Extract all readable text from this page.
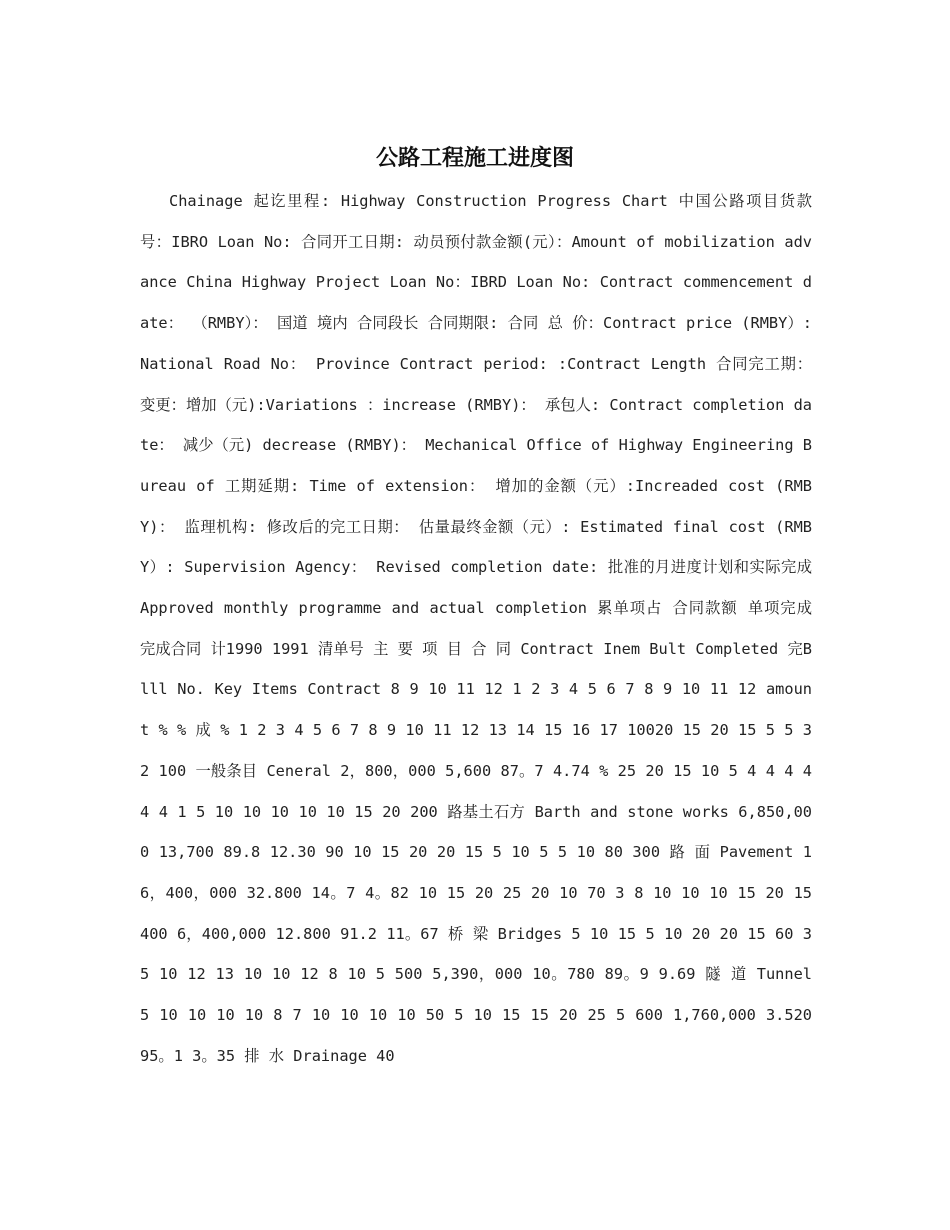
公路工程施工进度图

Chainage 起讫里程: Highway Construction Progress Chart 中国公路项目货款号：IBRO Loan No: 合同开工日期: 动员预付款金额(元）：Amount of mobilization advance China Highway Project Loan No：IBRD Loan No: Contract commencement date： （RMBY）： 国道 境内 合同段长 合同期限: 合同 总 价：Contract price (RMBY）: National Road No： Province Contract period: :Contract Length 合同完工期： 变更：增加（元):Variations ：increase (RMBY)： 承包人: Contract completion date： 减少（元) decrease (RMBY)： Mechanical Office of Highway Engineering Bureau of 工期延期: Time of extension： 增加的金额（元）:Increaded cost (RMBY)： 监理机构: 修改后的完工日期： 估量最终金额（元）: Estimated final cost (RMBY）: Supervision Agency： Revised completion date: 批准的月进度计划和实际完成 Approved monthly programme and actual completion 累单项占 合同款额 单项完成 完成合同 计1990 1991 清单号 主 要 项 目 合 同 Contract Inem Bult Completed 完Blll No. Key Items Contract 8 9 10 11 12 1 2 3 4 5 6 7 8 9 10 11 12 amount % % 成 % 1 2 3 4 5 6 7 8 9 10 11 12 13 14 15 16 17 10020 15 20 15 5 5 3 2 100 一般条目 Ceneral 2，800，000 5,600 87。7 4.74 % 25 20 15 10 5 4 4 4 4 4 4 1 5 10 10 10 10 10 15 20 200 路基土石方 Barth and stone works 6,850,000 13,700 89.8 12.30 90 10 15 20 20 15 5 10 5 5 10 80 300 路 面 Pavement 16，400，000 32.800 14。7 4。82 10 15 20 25 20 10 70 3 8 10 10 10 15 20 15 400 6，400,000 12.800 91.2 11。67 桥 梁 Bridges 5 10 15 5 10 20 20 15 60 3 5 10 12 13 10 10 12 8 10 5 500 5,390，000 10。780 89。9 9.69 隧 道 Tunnel 5 10 10 10 10 8 7 10 10 10 10 50 5 10 15 15 20 25 5 600 1,760,000 3.520 95。1 3。35 排 水 Drainage 40
